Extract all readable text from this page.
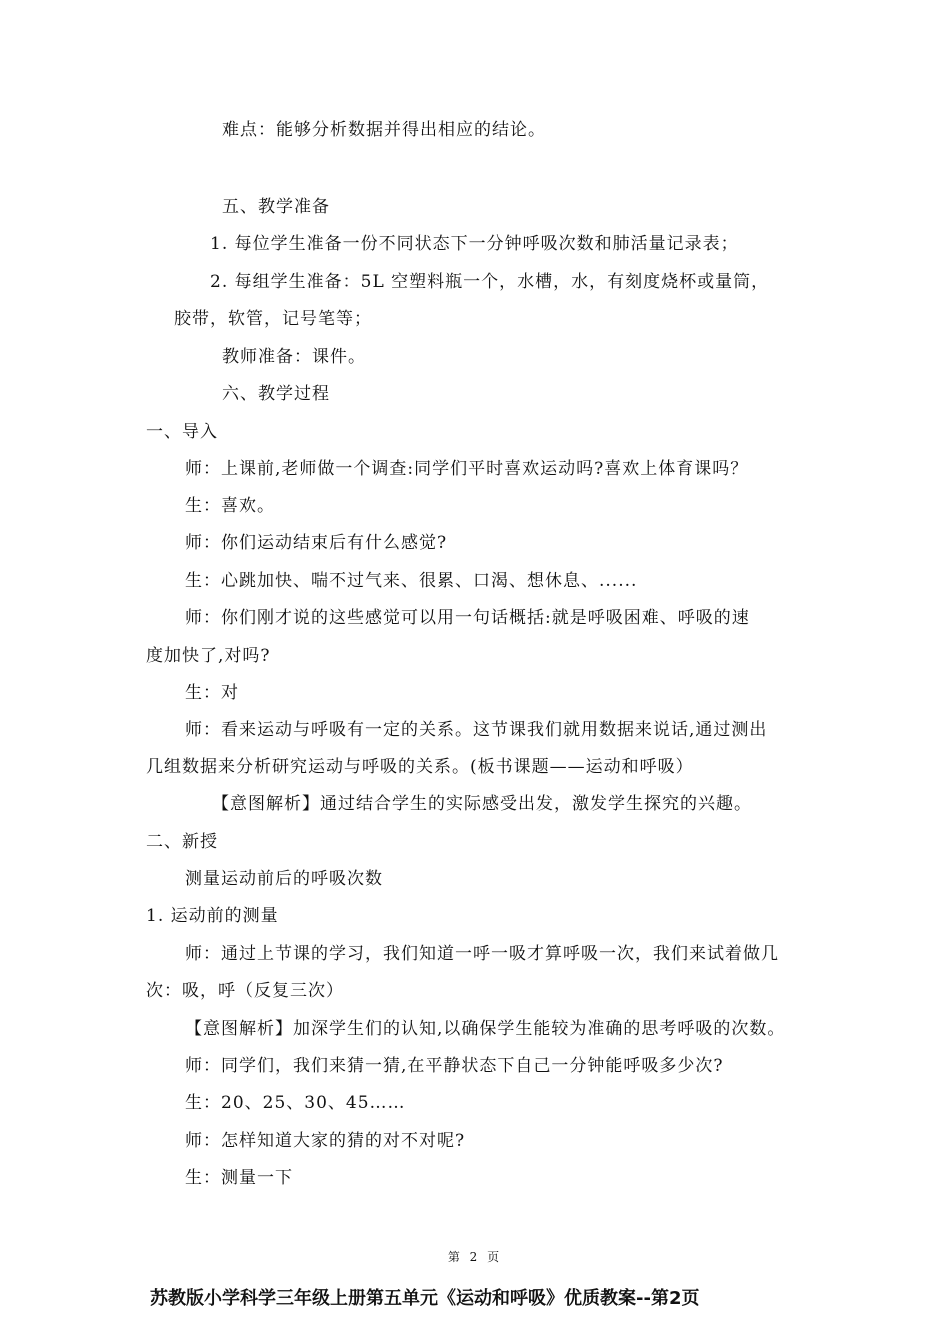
难点：能够分析数据并得出相应的结论。
五、教学准备
1. 每位学生准备一份不同状态下一分钟呼吸次数和肺活量记录表；
2. 每组学生准备：5L 空塑料瓶一个，水槽，水，有刻度烧杯或量筒，
胶带，软管，记号笔等；
教师准备：课件。
六、教学过程
一、导入
师：上课前,老师做一个调查:同学们平时喜欢运动吗?喜欢上体育课吗？
生：喜欢。
师：你们运动结束后有什么感觉?
生：心跳加快、喘不过气来、很累、口渴、想休息、......
师：你们刚才说的这些感觉可以用一句话概括:就是呼吸困难、呼吸的速
度加快了,对吗?
生：对
师：看来运动与呼吸有一定的关系。这节课我们就用数据来说话,通过测出
几组数据来分析研究运动与呼吸的关系。(板书课题——运动和呼吸）
【意图解析】通过结合学生的实际感受出发，激发学生探究的兴趣。
二、新授
测量运动前后的呼吸次数
1. 运动前的测量
师：通过上节课的学习，我们知道一呼一吸才算呼吸一次，我们来试着做几
次：吸，呼（反复三次）
【意图解析】加深学生们的认知,以确保学生能较为准确的思考呼吸的次数。
师：同学们，我们来猜一猜,在平静状态下自己一分钟能呼吸多少次?
生：20、25、30、45……
师：怎样知道大家的猜的对不对呢?
生：测量一下
第 2 页
苏教版小学科学三年级上册第五单元《运动和呼吸》优质教案--第2页
